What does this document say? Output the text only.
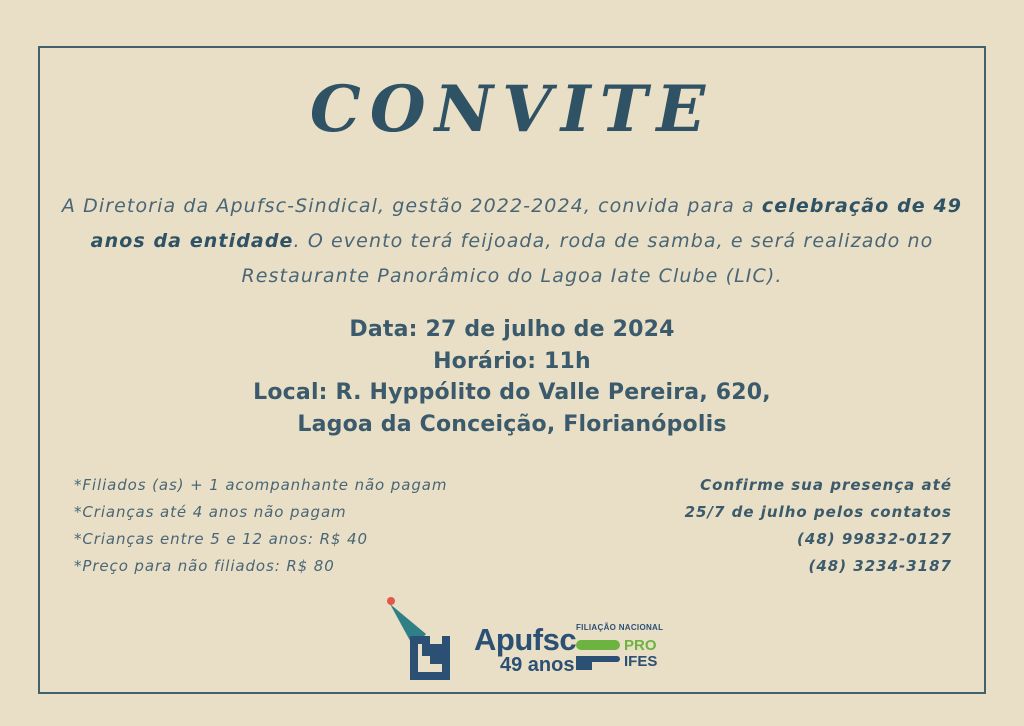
CONVITE
A Diretoria da Apufsc-Sindical, gestão 2022-2024, convida para a celebração de 49 anos da entidade. O evento terá feijoada, roda de samba, e será realizado no Restaurante Panorâmico do Lagoa Iate Clube (LIC).
Data: 27 de julho de 2024
Horário: 11h
Local: R. Hyppólito do Valle Pereira, 620,
Lagoa da Conceição, Florianópolis
*Filiados (as) + 1 acompanhante não pagam
*Crianças até 4 anos não pagam
*Crianças entre 5 e 12 anos: R$ 40
*Preço para não filiados: R$ 80
Confirme sua presença até
25/7 de julho pelos contatos
(48) 99832-0127
(48) 3234-3187
Apufsc
49 anos
FILIAÇÃO NACIONAL
PRO
IFES
